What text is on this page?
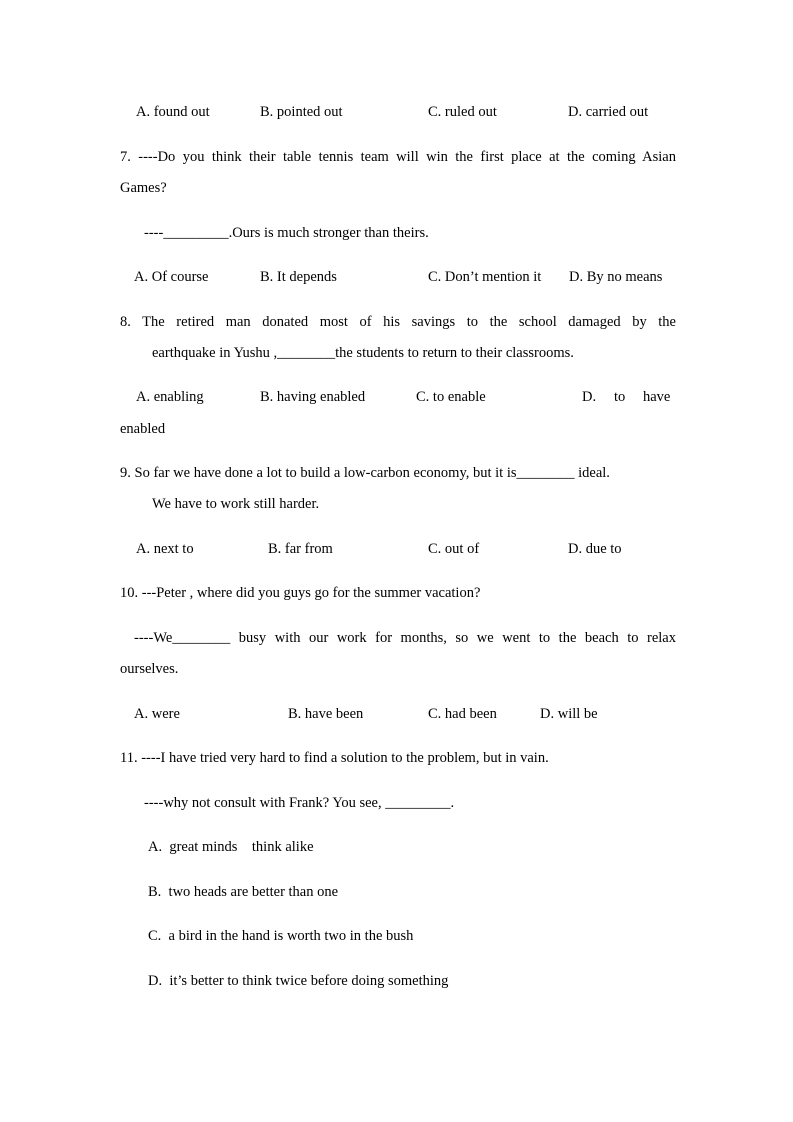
A. found out	B. pointed out	C. ruled out	D. carried out
7. ----Do you think their table tennis team will win the first place at the coming Asian
Games?
----_________.Ours is much stronger than theirs.
A. Of course	B. It depends	C. Don’t mention it D. By no means
8. The retired man donated most of his savings to the school damaged by the
earthquake in Yushu ,________the students to return to their classrooms.
A. enabling	B. having enabled	C. to enable	D. to have
enabled
9. So far we have done a lot to build a low-carbon economy, but it is________ ideal.
We have to work still harder.
A. next to	B. far from	C. out of	D. due to
10. ---Peter , where did you guys go for the summer vacation?
----We________ busy with our work for months, so we went to the beach to relax
ourselves.
A. were	B. have been	C. had been	D. will be
11. ----I have tried very hard to find a solution to the problem, but in vain.
----why not consult with Frank? You see, _________.
A.  great minds    think alike
B.  two heads are better than one
C.  a bird in the hand is worth two in the bush
D.  it’s better to think twice before doing something
